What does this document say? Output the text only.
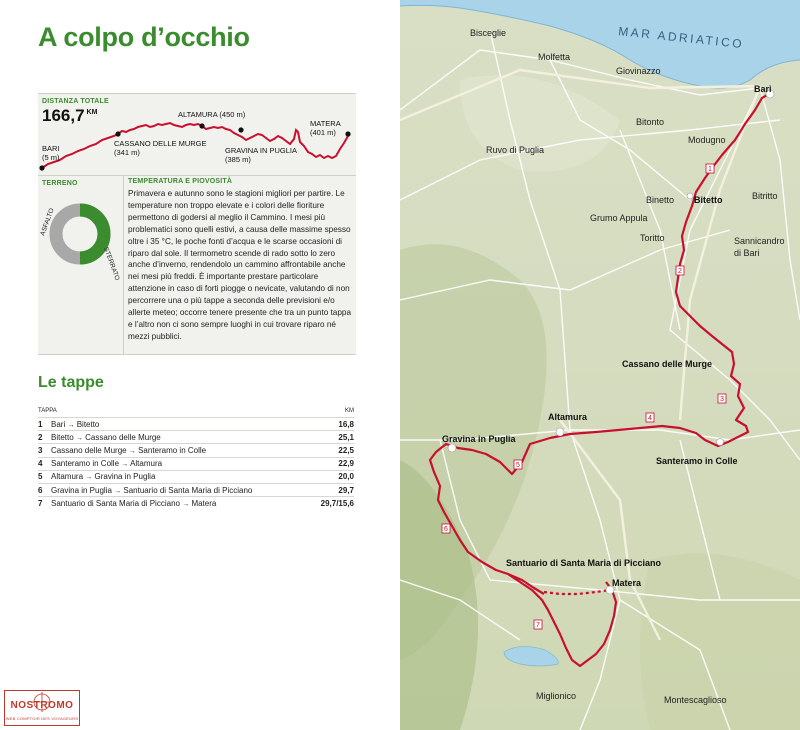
A colpo d’occhio
DISTANZA TOTALE
166,7 $^{KM}$
BARI
(5 m)
CASSANO DELLE MURGE
(341 m)
ALTAMURA (450 m)
GRAVINA IN PUGLIA
(385 m)
MATERA
(401 m)
TERRENO
ASFALTO
STERRATO
TEMPERATURA E PIOVOSITÀ
Primavera e autunno sono le stagioni migliori per partire. Le temperature non troppo elevate e i colori delle fioriture permettono di godersi al meglio il Cammino. I mesi più problematici sono quelli estivi, a causa delle massime spesso oltre i 35 °C, le poche fonti d’acqua e le scarse occasioni di riparo dal sole. Il termometro scende di rado sotto lo zero anche d’inverno, rendendolo un cammino affrontabile anche nei mesi più freddi. È importante prestare particolare attenzione in caso di forti piogge o nevicate, valutando di non percorrere una o più tappe a seconda delle previsioni e/o allerte meteo; occorre tenere presente che tra un punto tappa e l’altro non ci sono sempre luoghi in cui trovare riparo né mezzi pubblici.
Le tappe
TAPPA		KM
1	Bari → Bitetto	16,8
2	Bitetto → Cassano delle Murge	25,1
3	Cassano delle Murge → Santeramo in Colle	22,5
4	Santeramo in Colle → Altamura	22,9
5	Altamura → Gravina in Puglia	20,0
6	Gravina in Puglia → Santuario di Santa Maria di Picciano	29,7
7	Santuario di Santa Maria di Picciano → Matera	29,7/15,6
NOSTROMO
WEB COMPTOIR DES VOYAGEURS
MAR ADRIATICO
1
2
3
4
5
6
7
Bisceglie
Molfetta
Giovinazzo
Bitonto
Modugno
Ruvo di Puglia
Binetto
Grumo Appula
Toritto
Bitritto
Sannicandro di Bari
Miglionico	Montescaglioso
Bari
Bitetto
Cassano delle Murge
Altamura
Gravina in Puglia
Santeramo in Colle
Santuario di Santa Maria di Picciano
Matera
